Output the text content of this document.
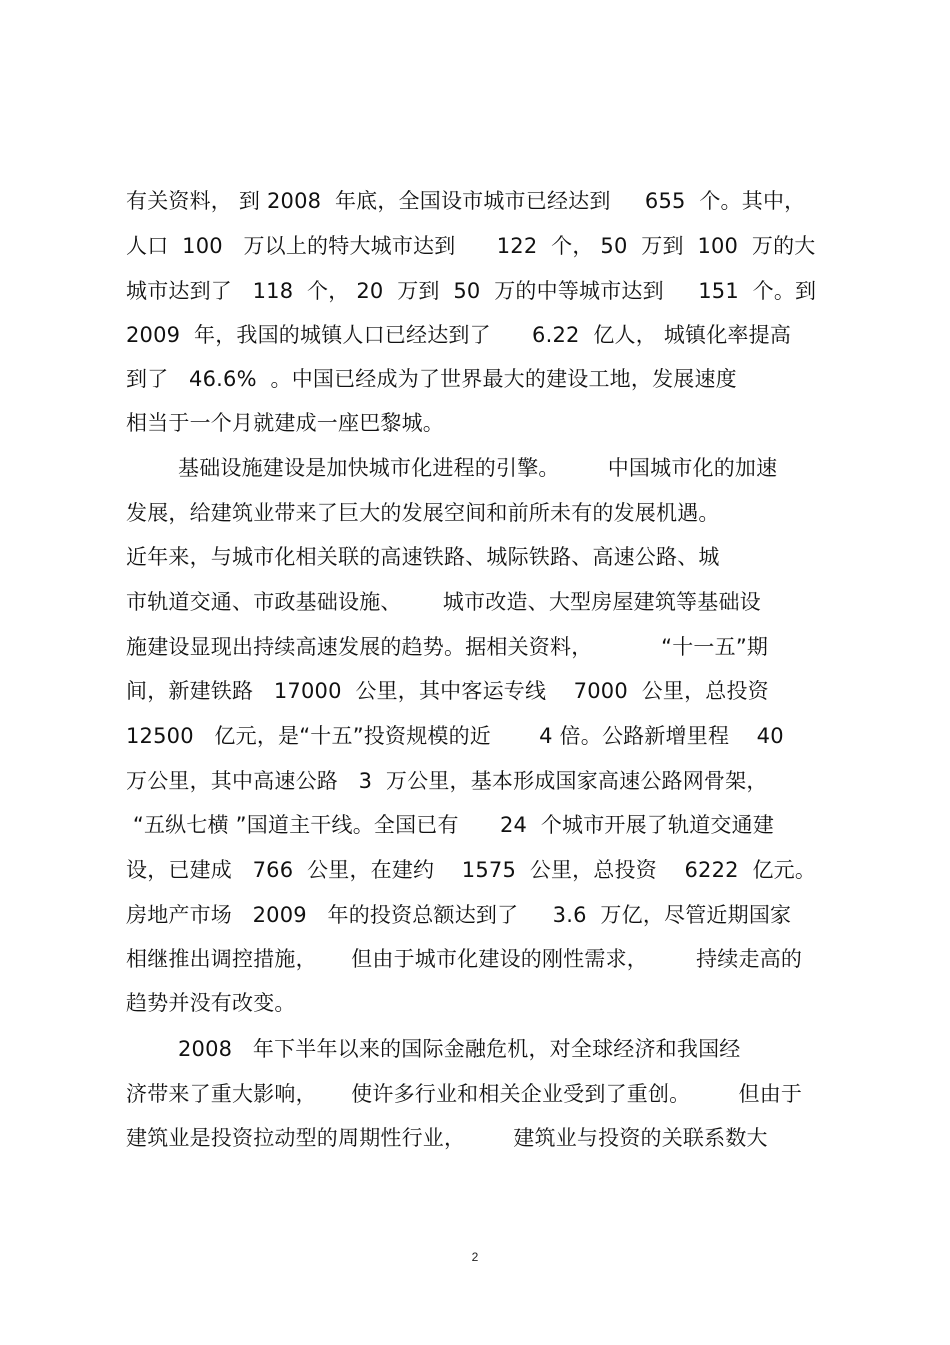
有关资料， 到 2008  年底，全国设市城市已经达到     655  个。其中，
人口  100   万以上的特大城市达到      122  个， 50  万到  100  万的大
城市达到了   118  个， 20  万到  50  万的中等城市达到     151  个。到
2009  年，我国的城镇人口已经达到了      6.22  亿人， 城镇化率提高
到了   46.6%  。中国已经成为了世界最大的建设工地，发展速度
相当于一个月就建成一座巴黎城。
基础设施建设是加快城市化进程的引擎。       中国城市化的加速
发展，给建筑业带来了巨大的发展空间和前所未有的发展机遇。
近年来，与城市化相关联的高速铁路、城际铁路、高速公路、城
市轨道交通、市政基础设施、      城市改造、大型房屋建筑等基础设
施建设显现出持续高速发展的趋势。据相关资料，          “十一五”期
间，新建铁路   17000  公里，其中客运专线    7000  公里，总投资
12500   亿元，是“十五”投资规模的近       4 倍。公路新增里程    40
万公里，其中高速公路   3  万公里，基本形成国家高速公路网骨架，
“五纵七横 ”国道主干线。全国已有      24  个城市开展了轨道交通建
设，已建成   766  公里，在建约    1575  公里，总投资    6222  亿元。
房地产市场   2009   年的投资总额达到了     3.6  万亿，尽管近期国家
相继推出调控措施，     但由于城市化建设的刚性需求，       持续走高的
趋势并没有改变。
2008   年下半年以来的国际金融危机，对全球经济和我国经
济带来了重大影响，     使许多行业和相关企业受到了重创。       但由于
建筑业是投资拉动型的周期性行业，       建筑业与投资的关联系数大
2
